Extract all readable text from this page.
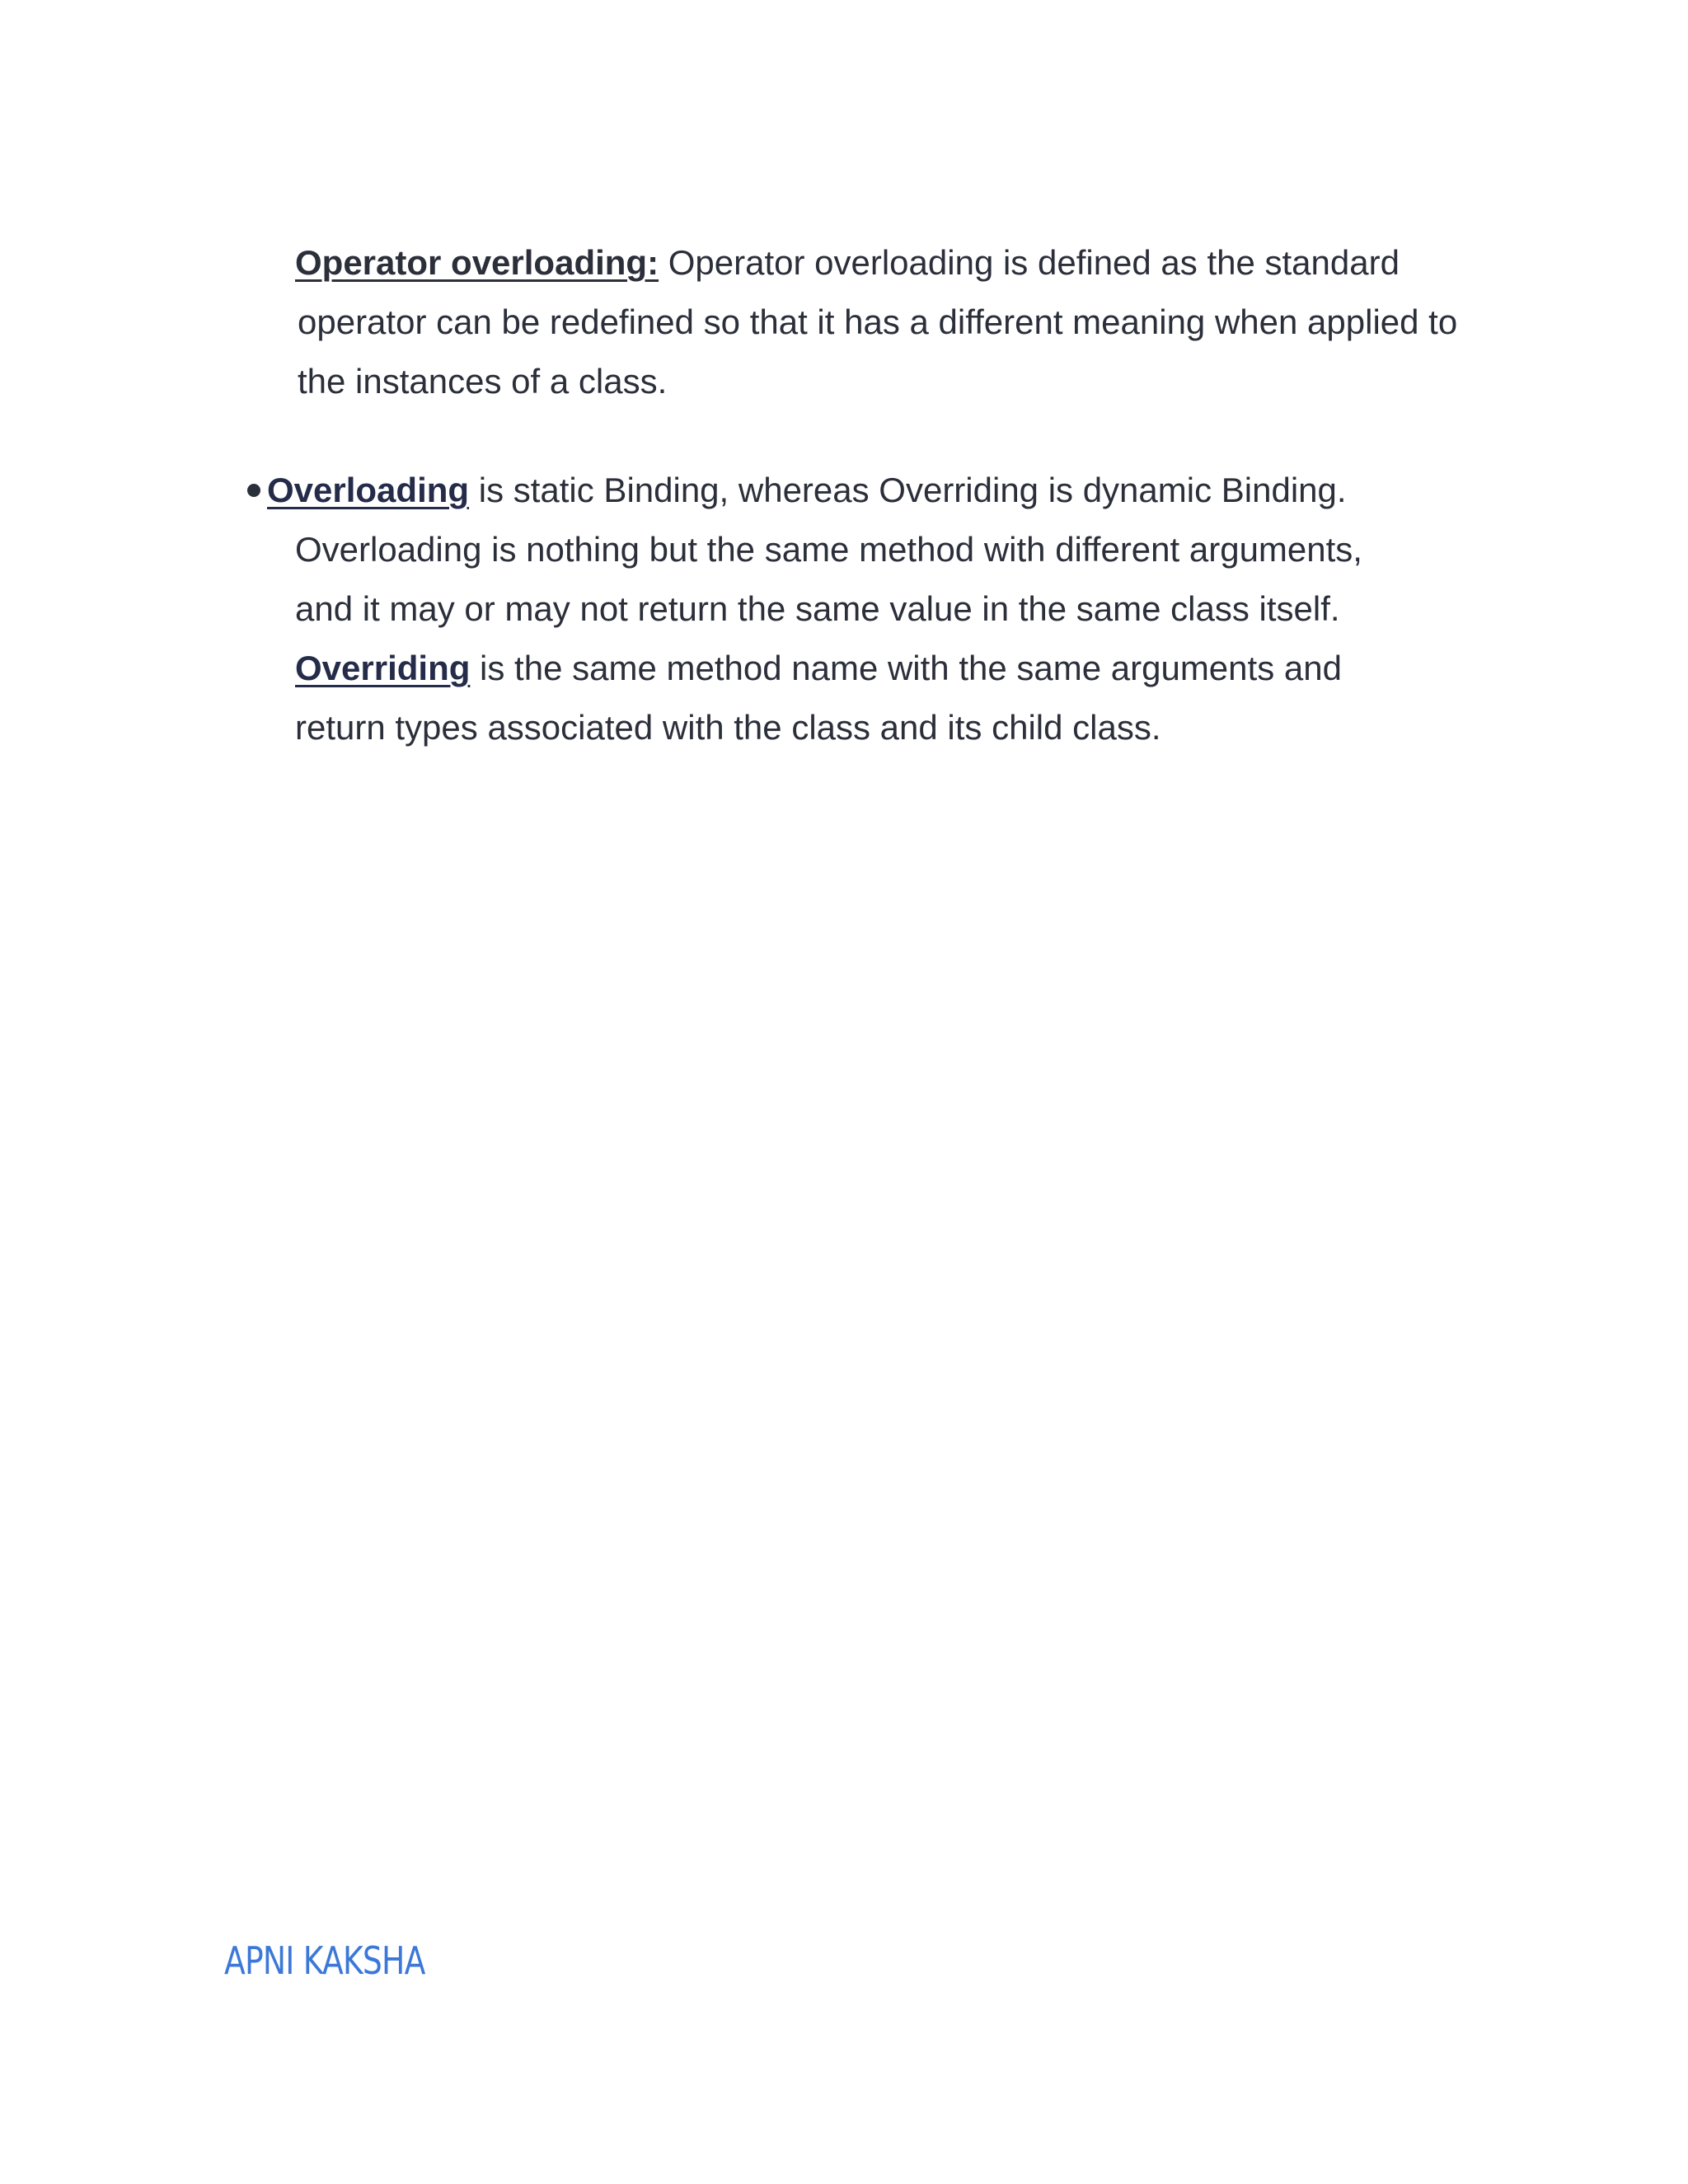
Operator overloading: Operator overloading is defined as the standard
operator can be redefined so that it has a different meaning when applied to
the instances of a class.
Overloading is static Binding, whereas Overriding is dynamic Binding.
Overloading is nothing but the same method with different arguments,
and it may or may not return the same value in the same class itself.
Overriding is the same method name with the same arguments and
return types associated with the class and its child class.
APNI KAKSHA
